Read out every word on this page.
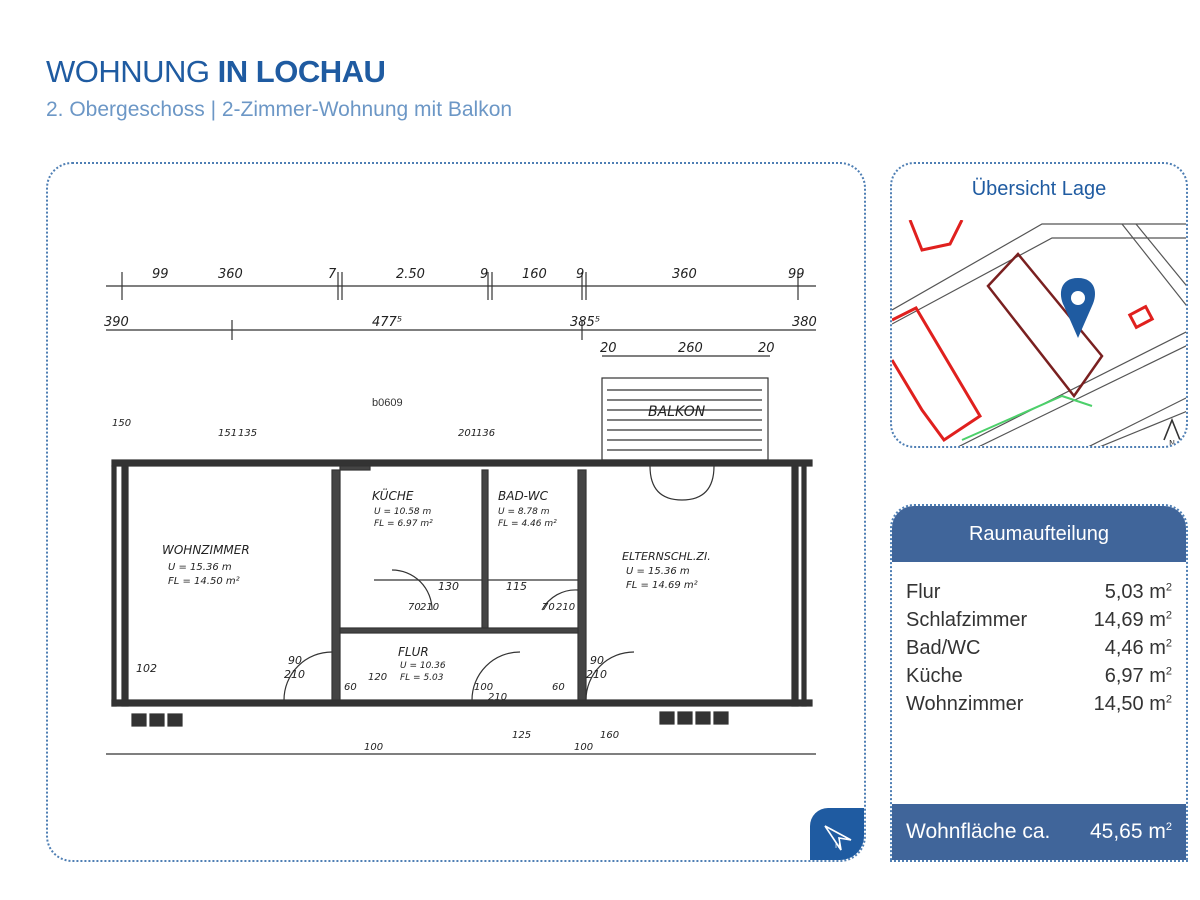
WOHNUNG IN LOCHAU

2. Obergeschoss | 2-Zimmer-Wohnung mit Balkon

b0609
99	360	7	2.50	9	160 9	360	99
390	477⁵	385⁵	380
20	260	20
BALKON
WOHNZIMMER
U = 15.36 m
FL = 14.50 m²
KÜCHE
U = 10.58 m
FL = 6.97 m²
BAD-WC
U = 8.78 m
FL = 4.46 m²
ELTERNSCHL.ZI.
U = 15.36 m
FL = 14.69 m²
FLUR
U = 10.36
FL = 5.03
90
210
90
210
70 210	70 210
100
210
130	115
102
60	60
120
150
151 135	201
136
100	100
125	160
N
Übersicht Lage
N
Raumaufteilung
Flur	5,03 $m^2$
Schlafzimmer	14,69 $m^2$
Bad/WC	4,46 $m^2$
Küche	6,97 $m^2$
Wohnzimmer	14,50 $m^2$
Wohnfläche ca. 45,65 $m^2$
